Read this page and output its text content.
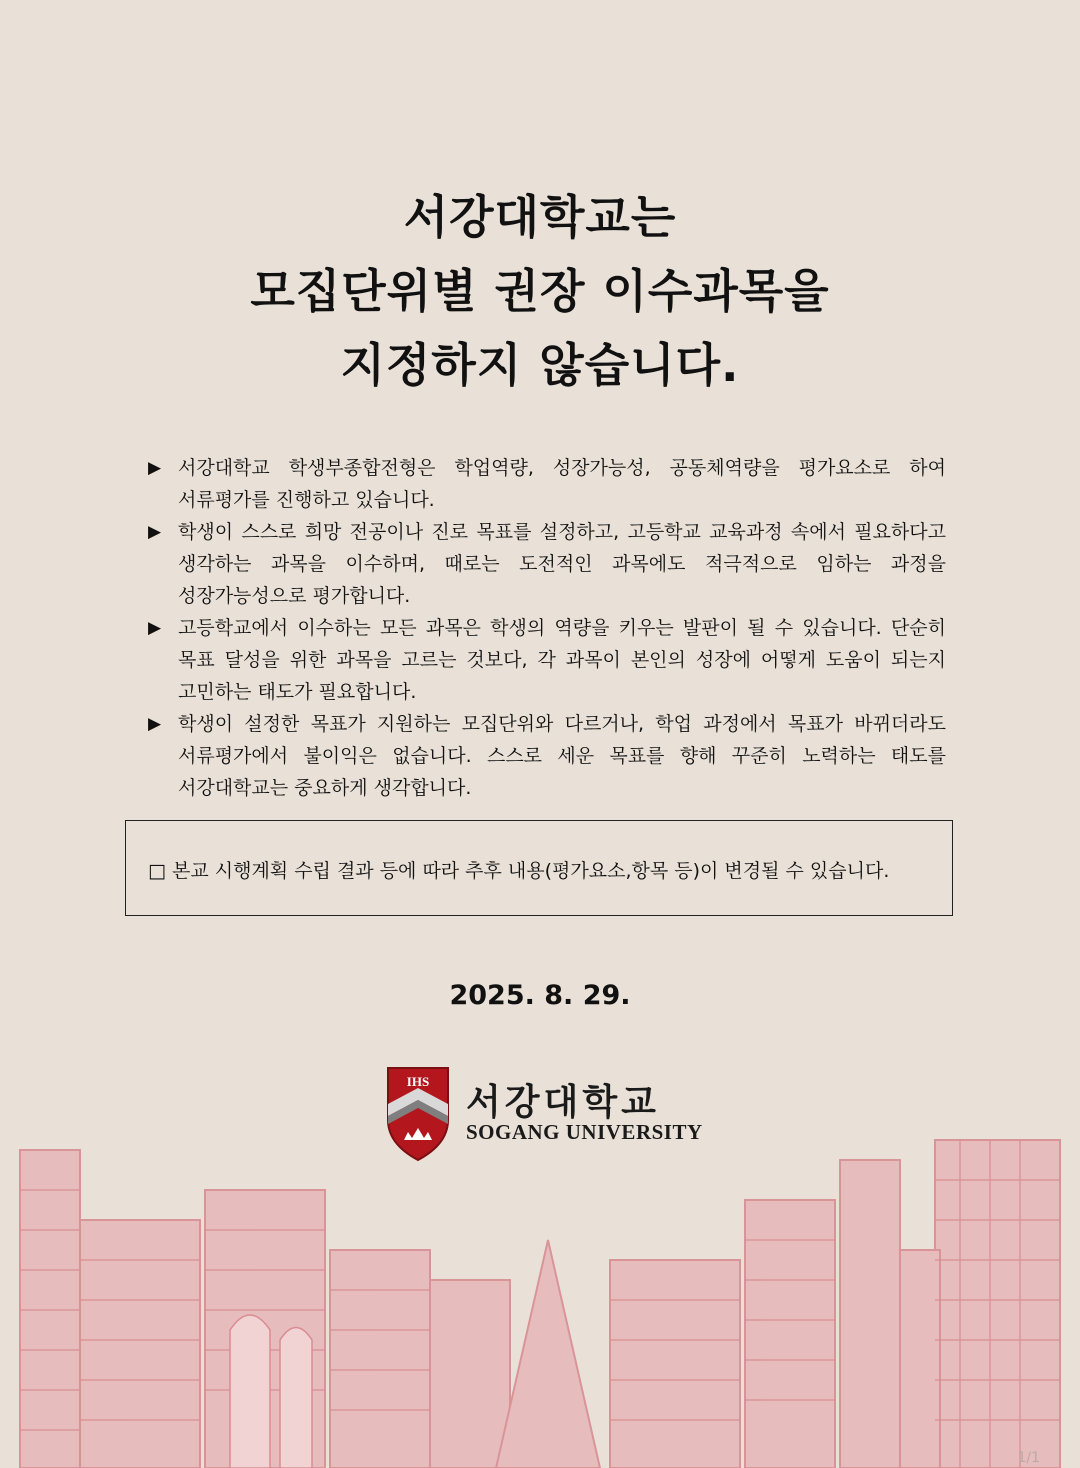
서강대학교는
모집단위별 권장 이수과목을
지정하지 않습니다.
▶ 서강대학교 학생부종합전형은 학업역량, 성장가능성, 공동체역량을 평가요소로 하여 서류평가를 진행하고 있습니다.
▶ 학생이 스스로 희망 전공이나 진로 목표를 설정하고, 고등학교 교육과정 속에서 필요하다고 생각하는 과목을 이수하며, 때로는 도전적인 과목에도 적극적으로 임하는 과정을 성장가능성으로 평가합니다.
▶ 고등학교에서 이수하는 모든 과목은 학생의 역량을 키우는 발판이 될 수 있습니다. 단순히 목표 달성을 위한 과목을 고르는 것보다, 각 과목이 본인의 성장에 어떻게 도움이 되는지 고민하는 태도가 필요합니다.
▶ 학생이 설정한 목표가 지원하는 모집단위와 다르거나, 학업 과정에서 목표가 바뀌더라도 서류평가에서 불이익은 없습니다. 스스로 세운 목표를 향해 꾸준히 노력하는 태도를 서강대학교는 중요하게 생각합니다.
□ 본교 시행계획 수립 결과 등에 따라 추후 내용(평가요소,항목 등)이 변경될 수 있습니다.
2025. 8. 29.
IHS 서강대학교
SOGANG UNIVERSITY
1/1
